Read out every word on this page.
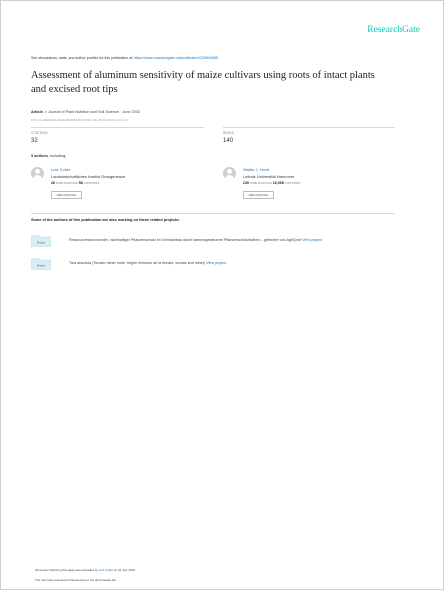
ResearchGate
See discussions, stats, and author profiles for this publication at: https://www.researchgate.net/publication/229604085
Assessment of aluminum sensitivity of maize cultivars using roots of intact plants and excised root tips
Article in Journal of Plant Nutrition and Soil Science · June 2002
DOI: 10.1002/1522-2624(200206)165:3<332::AID-JPLN332>3.0.CO;2-Q
CITATIONS
32
READS
140
5 authors, including:
Lutz Collet
Landwirtschaftliches Institut Grangeneuve
26 PUBLICATIONS 58 CITATIONS
SEE PROFILE
Walter J. Horst
Leibniz Universität Hannover
230 PUBLICATIONS 16,008 CITATIONS
SEE PROFILE
Some of the authors of this publication are also working on these related projects:
Project
Ressourcenschonender, nachhaltiger Pflanzenschutz im Gemüsebau durch kameragesteuerte Pflanzenschutzbalken – gefördert von AgriQnet View project
Project
Tuta absoluta (Tomato miner moth, teigne mineuse de la tomate, tomato leaf miner) View project
All content following this page was uploaded by Lutz Collet on 01 July 2019.
The user has requested enhancement of the downloaded file.
